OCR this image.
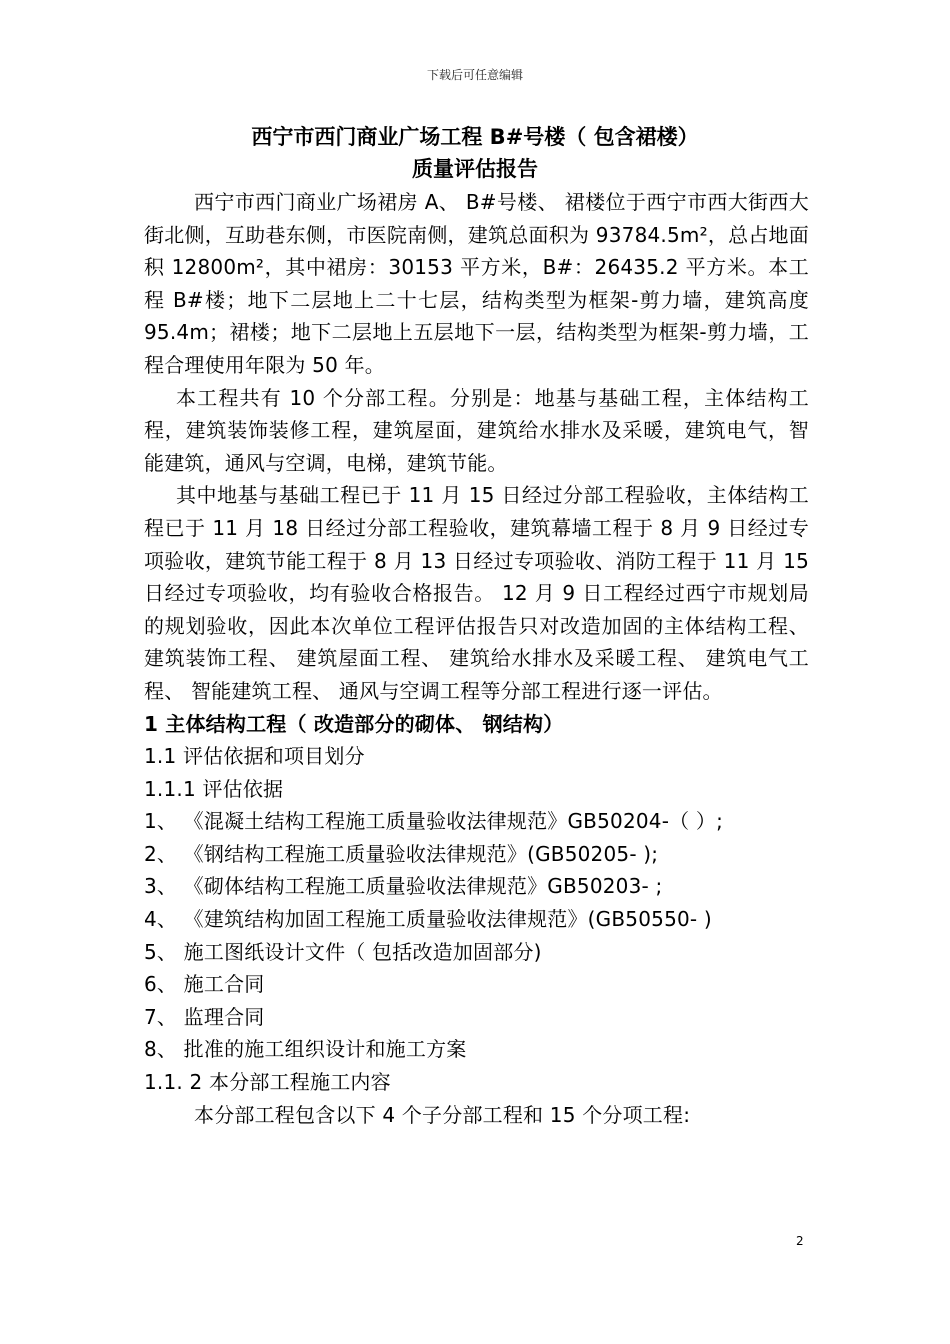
下载后可任意编辑
西宁市西门商业广场工程 B#号楼（ 包含裙楼）
质量评估报告

西宁市西门商业广场裙房 A、 B#号楼、 裙楼位于西宁市西大街西大街北侧，互助巷东侧，市医院南侧，建筑总面积为 93784.5m²，总占地面积 12800m²，其中裙房：30153 平方米，B#：26435.2 平方米。本工程 B#楼；地下二层地上二十七层，结构类型为框架-剪力墙，建筑高度 95.4m；裙楼；地下二层地上五层地下一层，结构类型为框架-剪力墙，工程合理使用年限为 50 年。

本工程共有 10 个分部工程。分别是：地基与基础工程，主体结构工程，建筑装饰装修工程，建筑屋面，建筑给水排水及采暖，建筑电气，智能建筑，通风与空调，电梯，建筑节能。

其中地基与基础工程已于 11 月 15 日经过分部工程验收，主体结构工程已于 11 月 18 日经过分部工程验收，建筑幕墙工程于 8 月 9 日经过专项验收，建筑节能工程于 8 月 13 日经过专项验收、消防工程于 11 月 15 日经过专项验收，均有验收合格报告。 12 月 9 日工程经过西宁市规划局的规划验收，因此本次单位工程评估报告只对改造加固的主体结构工程、 建筑装饰工程、 建筑屋面工程、 建筑给水排水及采暖工程、 建筑电气工程、 智能建筑工程、 通风与空调工程等分部工程进行逐一评估。

1 主体结构工程（ 改造部分的砌体、 钢结构）

1.1 评估依据和项目划分

1.1.1 评估依据

1、 《混凝土结构工程施工质量验收法律规范》GB50204-（ ）;

2、 《钢结构工程施工质量验收法律规范》(GB50205- );

3、 《砌体结构工程施工质量验收法律规范》GB50203- ;

4、 《建筑结构加固工程施工质量验收法律规范》(GB50550- )

5、 施工图纸设计文件（ 包括改造加固部分)

6、 施工合同

7、 监理合同

8、 批准的施工组织设计和施工方案

1.1. 2 本分部工程施工内容

本分部工程包含以下 4 个子分部工程和 15 个分项工程:

2
